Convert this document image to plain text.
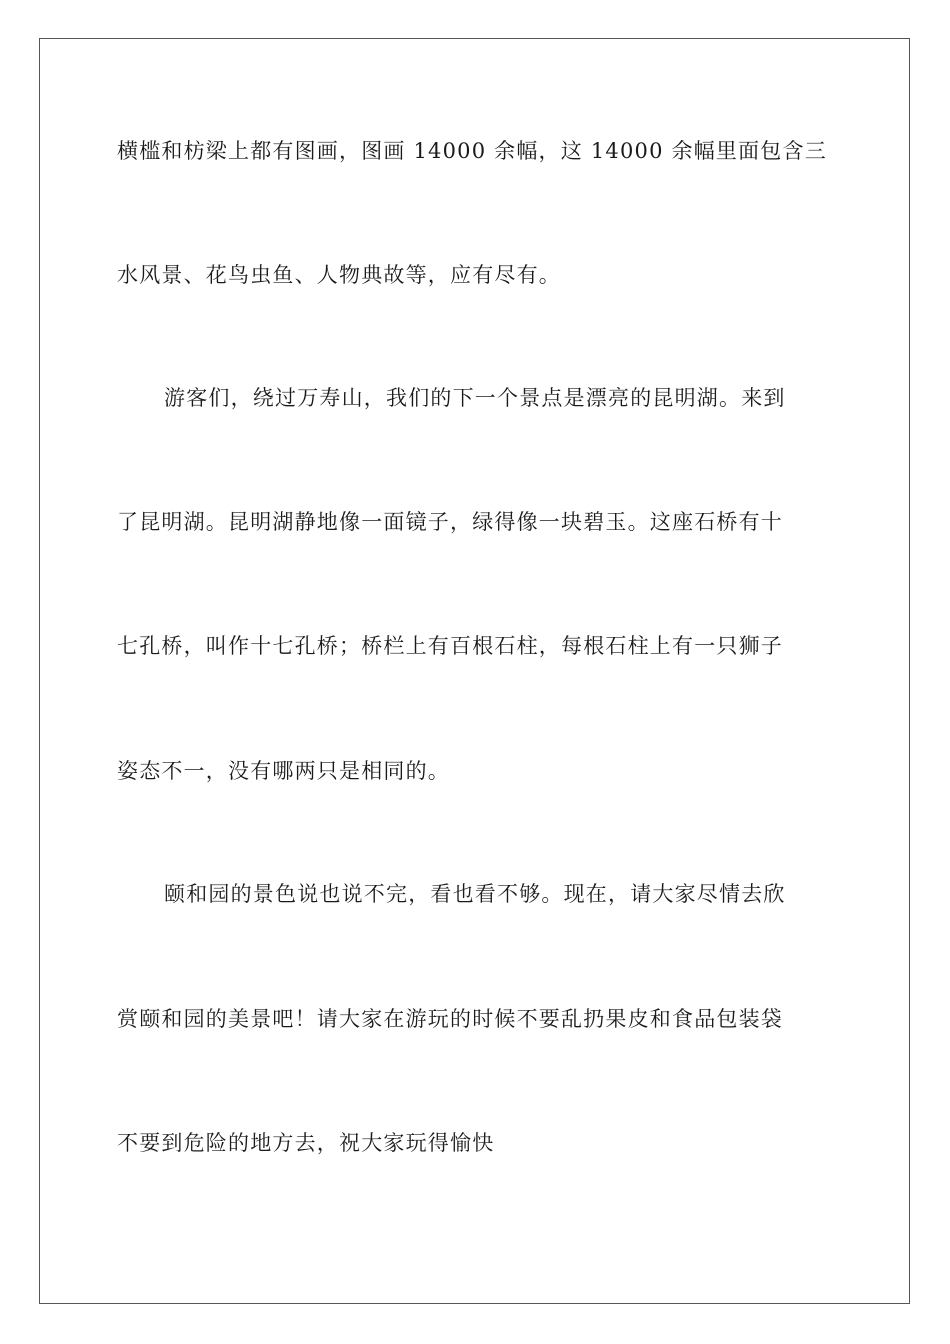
横槛和枋梁上都有图画，图画 14000 余幅，这 14000 余幅里面包含三
水风景、花鸟虫鱼、人物典故等，应有尽有。
游客们，绕过万寿山，我们的下一个景点是漂亮的昆明湖。来到
了昆明湖。昆明湖静地像一面镜子，绿得像一块碧玉。这座石桥有十
七孔桥，叫作十七孔桥；桥栏上有百根石柱，每根石柱上有一只狮子
姿态不一，没有哪两只是相同的。
颐和园的景色说也说不完，看也看不够。现在，请大家尽情去欣
赏颐和园的美景吧！请大家在游玩的时候不要乱扔果皮和食品包装袋
不要到危险的地方去，祝大家玩得愉快
